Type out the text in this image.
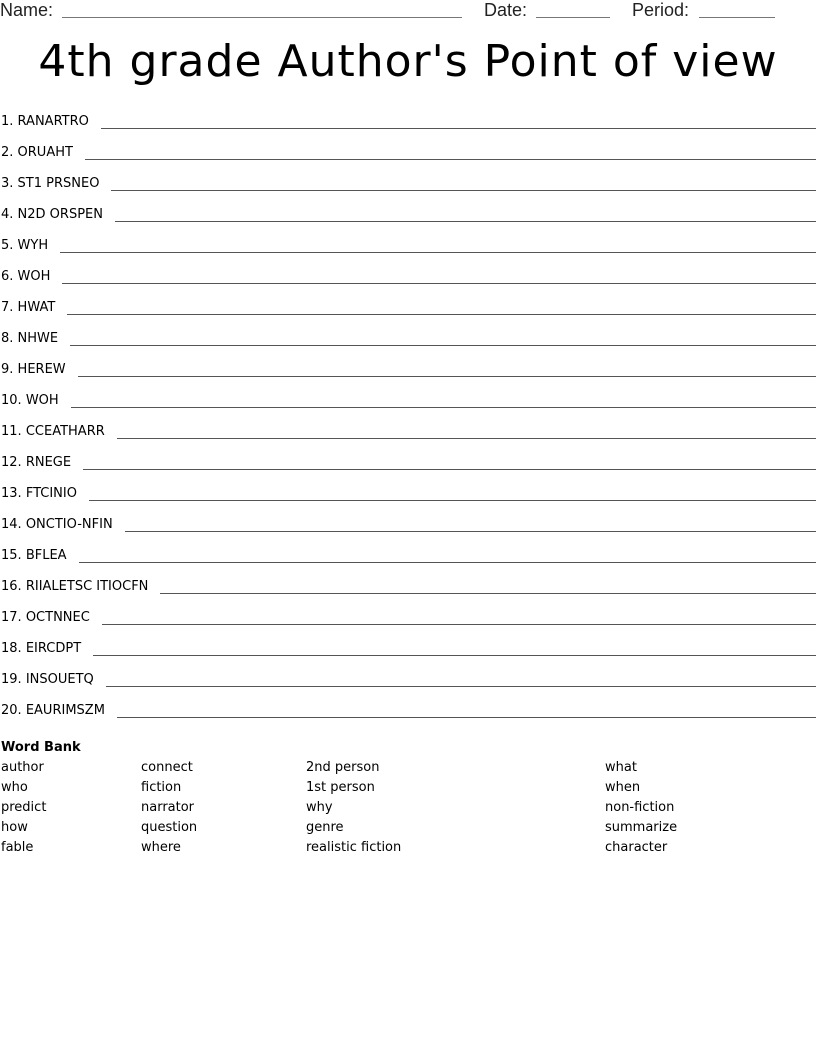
Name:	Date:	Period:
4th grade Author's Point of view
1.
RANARTRO
2.
ORUAHT
3.
ST1 PRSNEO
4.
N2D ORSPEN
5.
WYH
6.
WOH
7.
HWAT
8.
NHWE
9.
HEREW
10.
WOH
11.
CCEATHARR
12.
RNEGE
13.
FTCINIO
14.
ONCTIO-NFIN
15.
BFLEA
16.
RIIALETSC ITIOCFN
17.
OCTNNEC
18.
EIRCDPT
19.
INSOUETQ
20.
EAURIMSZM
Word Bank
author
who
predict
how
fable
connect
fiction
narrator
question
where
2nd person
1st person
why
genre
realistic fiction
what
when
non-fiction
summarize
character
